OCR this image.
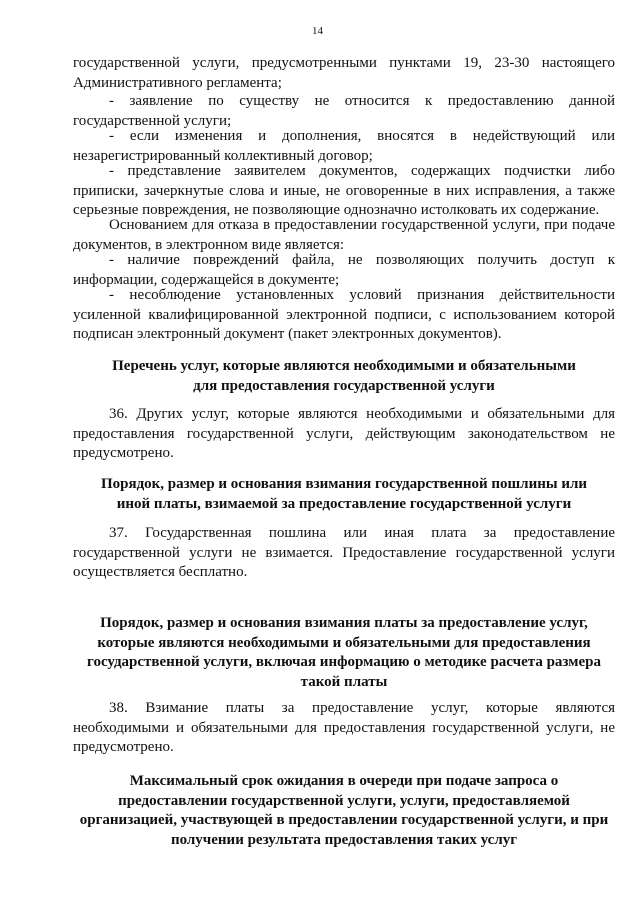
14

государственной услуги, предусмотренными пунктами 19, 23-30 настоящего Административного регламента;

- заявление по существу не относится к предоставлению данной государственной услуги;

- если изменения и дополнения, вносятся в недействующий или незарегистрированный коллективный договор;

- представление заявителем документов, содержащих подчистки либо приписки, зачеркнутые слова и иные, не оговоренные в них исправления, а также серьезные повреждения, не позволяющие однозначно истолковать их содержание.

Основанием для отказа в предоставлении государственной услуги, при подаче документов, в электронном виде является:

- наличие повреждений файла, не позволяющих получить доступ к информации, содержащейся в документе;

- несоблюдение установленных условий признания действительности усиленной квалифицированной электронной подписи, с использованием которой подписан электронный документ (пакет электронных документов).

Перечень услуг, которые являются необходимыми и обязательными
для предоставления государственной услуги

36. Других услуг, которые являются необходимыми и обязательными для предоставления государственной услуги, действующим законодательством не предусмотрено.

Порядок, размер и основания взимания государственной пошлины или
иной платы, взимаемой за предоставление государственной услуги

37. Государственная пошлина или иная плата за предоставление государственной услуги не взимается. Предоставление государственной услуги осуществляется бесплатно.

Порядок, размер и основания взимания платы за предоставление услуг,
которые являются необходимыми и обязательными для предоставления
государственной услуги, включая информацию о методике расчета размера
такой платы

38. Взимание платы за предоставление услуг, которые являются необходимыми и обязательными для предоставления государственной услуги, не предусмотрено.

Максимальный срок ожидания в очереди при подаче запроса о
предоставлении государственной услуги, услуги, предоставляемой
организацией, участвующей в предоставлении государственной услуги, и при
получении результата предоставления таких услуг
